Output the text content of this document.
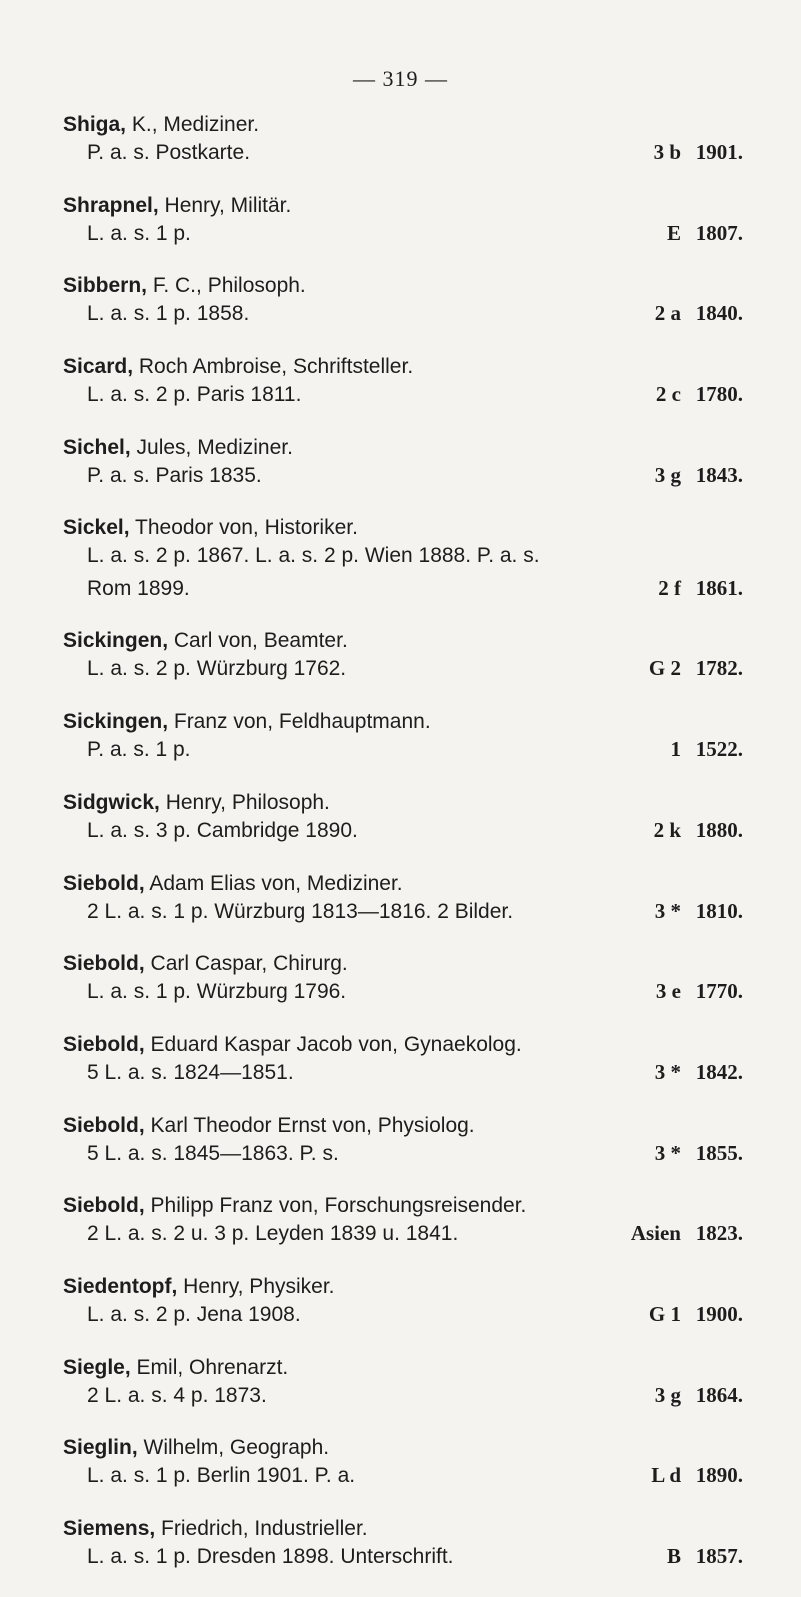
— 319 —
Shiga, K., Mediziner.
P. a. s. Postkarte.	3 b 1901.
Shrapnel, Henry, Militär.
L. a. s. 1 p.	E 1807.
Sibbern, F. C., Philosoph.
L. a. s. 1 p. 1858.	2 a 1840.
Sicard, Roch Ambroise, Schriftsteller.
L. a. s. 2 p. Paris 1811.	2 c 1780.
Sichel, Jules, Mediziner.
P. a. s. Paris 1835.	3 g 1843.
Sickel, Theodor von, Historiker.
L. a. s. 2 p. 1867. L. a. s. 2 p. Wien 1888. P. a. s.
Rom 1899.	2 f 1861.
Sickingen, Carl von, Beamter.
L. a. s. 2 p. Würzburg 1762.	G 2 1782.
Sickingen, Franz von, Feldhauptmann.
P. a. s. 1 p.	1 1522.
Sidgwick, Henry, Philosoph.
L. a. s. 3 p. Cambridge 1890.	2 k 1880.
Siebold, Adam Elias von, Mediziner.
2 L. a. s. 1 p. Würzburg 1813—1816. 2 Bilder.	3 * 1810.
Siebold, Carl Caspar, Chirurg.
L. a. s. 1 p. Würzburg 1796.	3 e 1770.
Siebold, Eduard Kaspar Jacob von, Gynaekolog.
5 L. a. s. 1824—1851.	3 * 1842.
Siebold, Karl Theodor Ernst von, Physiolog.
5 L. a. s. 1845—1863. P. s.	3 * 1855.
Siebold, Philipp Franz von, Forschungsreisender.
2 L. a. s. 2 u. 3 p. Leyden 1839 u. 1841.	Asien 1823.
Siedentopf, Henry, Physiker.
L. a. s. 2 p. Jena 1908.	G 1 1900.
Siegle, Emil, Ohrenarzt.
2 L. a. s. 4 p. 1873.	3 g 1864.
Sieglin, Wilhelm, Geograph.
L. a. s. 1 p. Berlin 1901. P. a.	L d 1890.
Siemens, Friedrich, Industrieller.
L. a. s. 1 p. Dresden 1898. Unterschrift.	B 1857.
